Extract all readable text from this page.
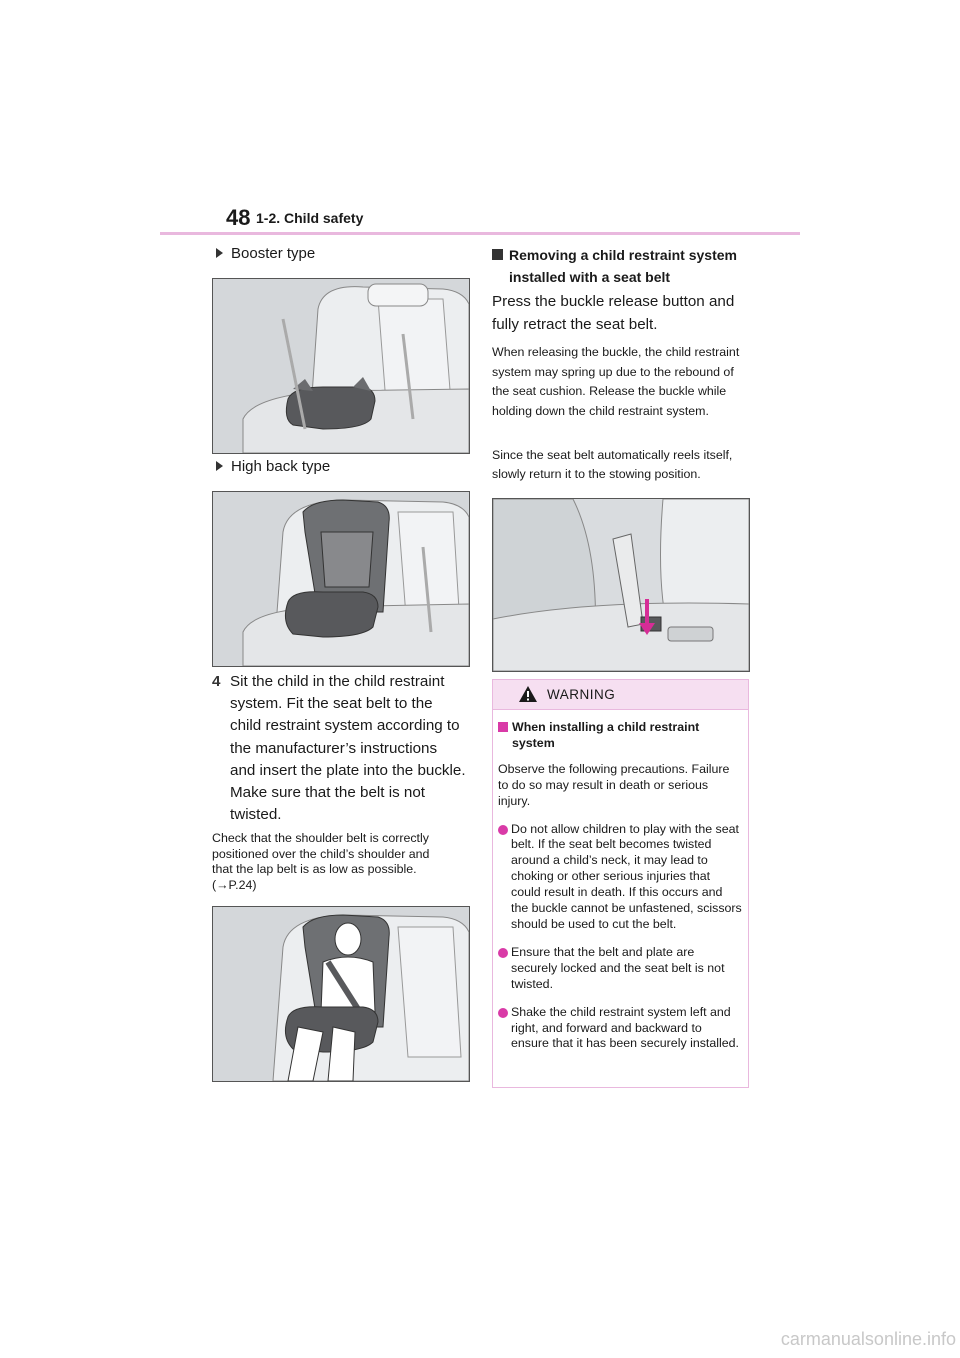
48 1-2. Child safety
Booster type
High back type
4 Sit the child in the child restraint system. Fit the seat belt to the child restraint system according to the manufacturer’s instructions and insert the plate into the buckle. Make sure that the belt is not twisted.
Check that the shoulder belt is correctly
positioned over the child’s shoulder and
that the lap belt is as low as possible.
(→P.24)
Removing a child restraint system installed with a seat belt
Press the buckle release button and fully retract the seat belt.
When releasing the buckle, the child restraint system may spring up due to the rebound of the seat cushion. Release the buckle while holding down the child restraint system.
Since the seat belt automatically reels itself, slowly return it to the stowing position.
WARNING
When installing a child restraint system
Observe the following precautions. Failure to do so may result in death or serious injury.
Do not allow children to play with the seat belt. If the seat belt becomes twisted around a child’s neck, it may lead to choking or other serious injuries that could result in death. If this occurs and the buckle cannot be unfastened, scissors should be used to cut the belt.
Ensure that the belt and plate are securely locked and the seat belt is not twisted.
Shake the child restraint system left and right, and forward and backward to ensure that it has been securely installed.
carmanualsonline.info
